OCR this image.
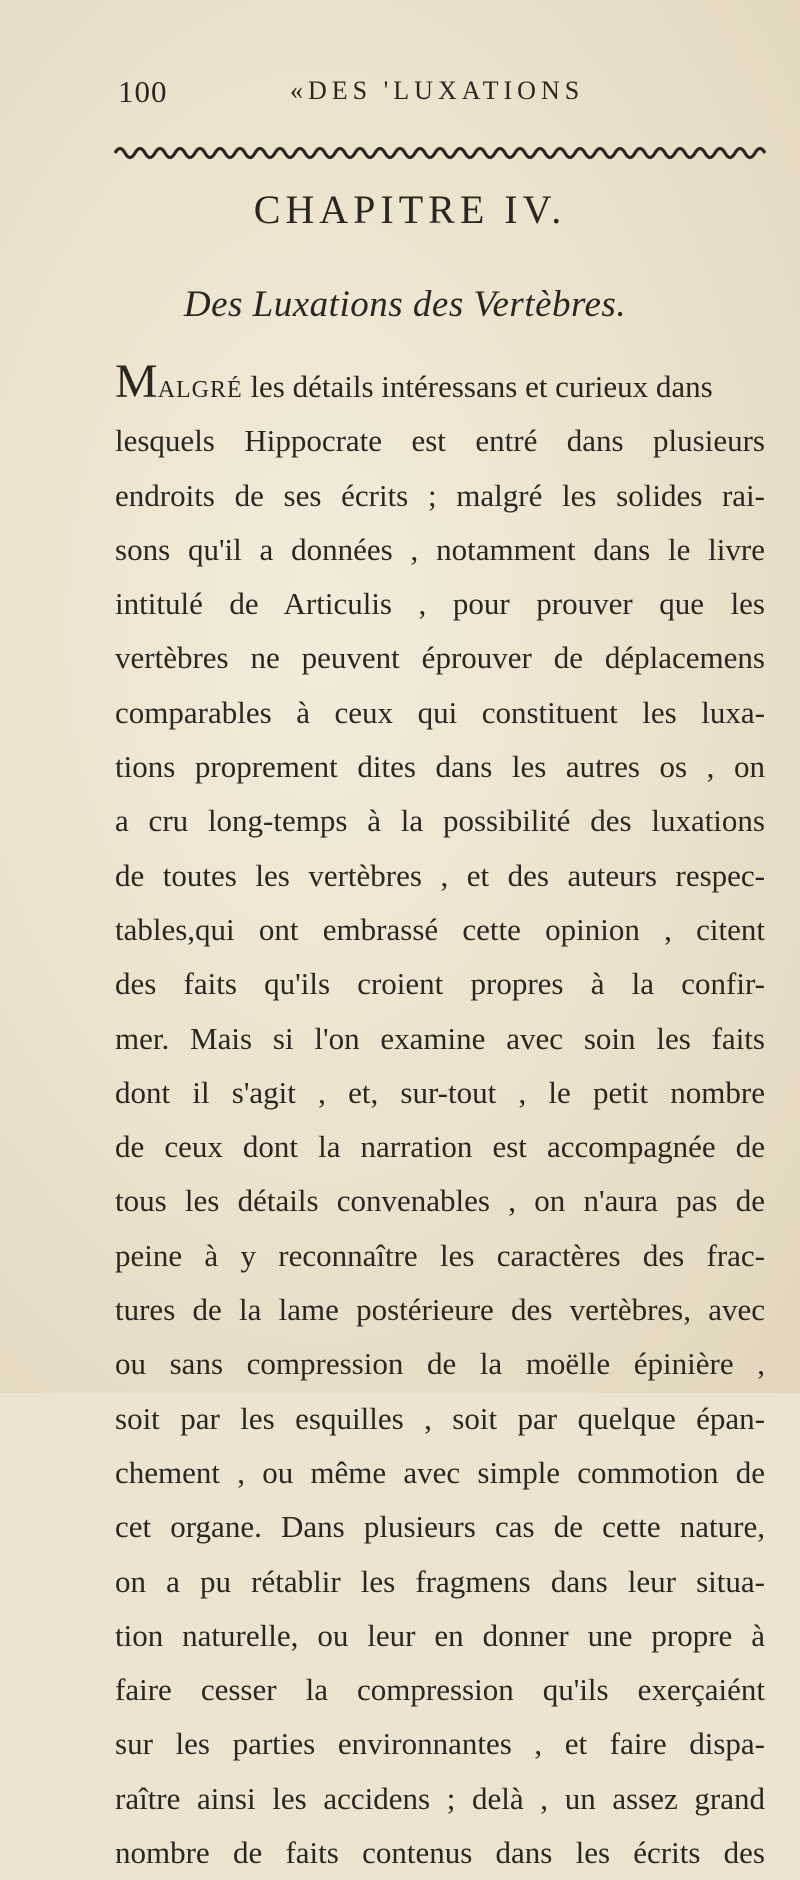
100	«DES 'LUXATIONS
CHAPITRE IV.
Des Luxations des Vertèbres.
MALGRÉ les détails intéressans et curieux dans
lesquels Hippocrate est entré dans plusieurs
endroits de ses écrits ; malgré les solides rai-
sons qu'il a données , notamment dans le livre
intitulé de Articulis , pour prouver que les
vertèbres ne peuvent éprouver de déplacemens
comparables à ceux qui constituent les luxa-
tions proprement dites dans les autres os , on
a cru long-temps à la possibilité des luxations
de toutes les vertèbres , et des auteurs respec-
tables,qui ont embrassé cette opinion , citent
des faits qu'ils croient propres à la confir-
mer. Mais si l'on examine avec soin les faits
dont il s'agit , et, sur-tout , le petit nombre
de ceux dont la narration est accompagnée de
tous les détails convenables , on n'aura pas de
peine à y reconnaître les caractères des frac-
tures de la lame postérieure des vertèbres, avec
ou sans compression de la moëlle épinière ,
soit par les esquilles , soit par quelque épan-
chement , ou même avec simple commotion de
cet organe. Dans plusieurs cas de cette nature,
on a pu rétablir les fragmens dans leur situa-
tion naturelle, ou leur en donner une propre à
faire cesser la compression qu'ils exerçaiént
sur les parties environnantes , et faire dispa-
raître ainsi les accidens ; delà , un assez grand
nombre de faits contenus dans les écrits des
